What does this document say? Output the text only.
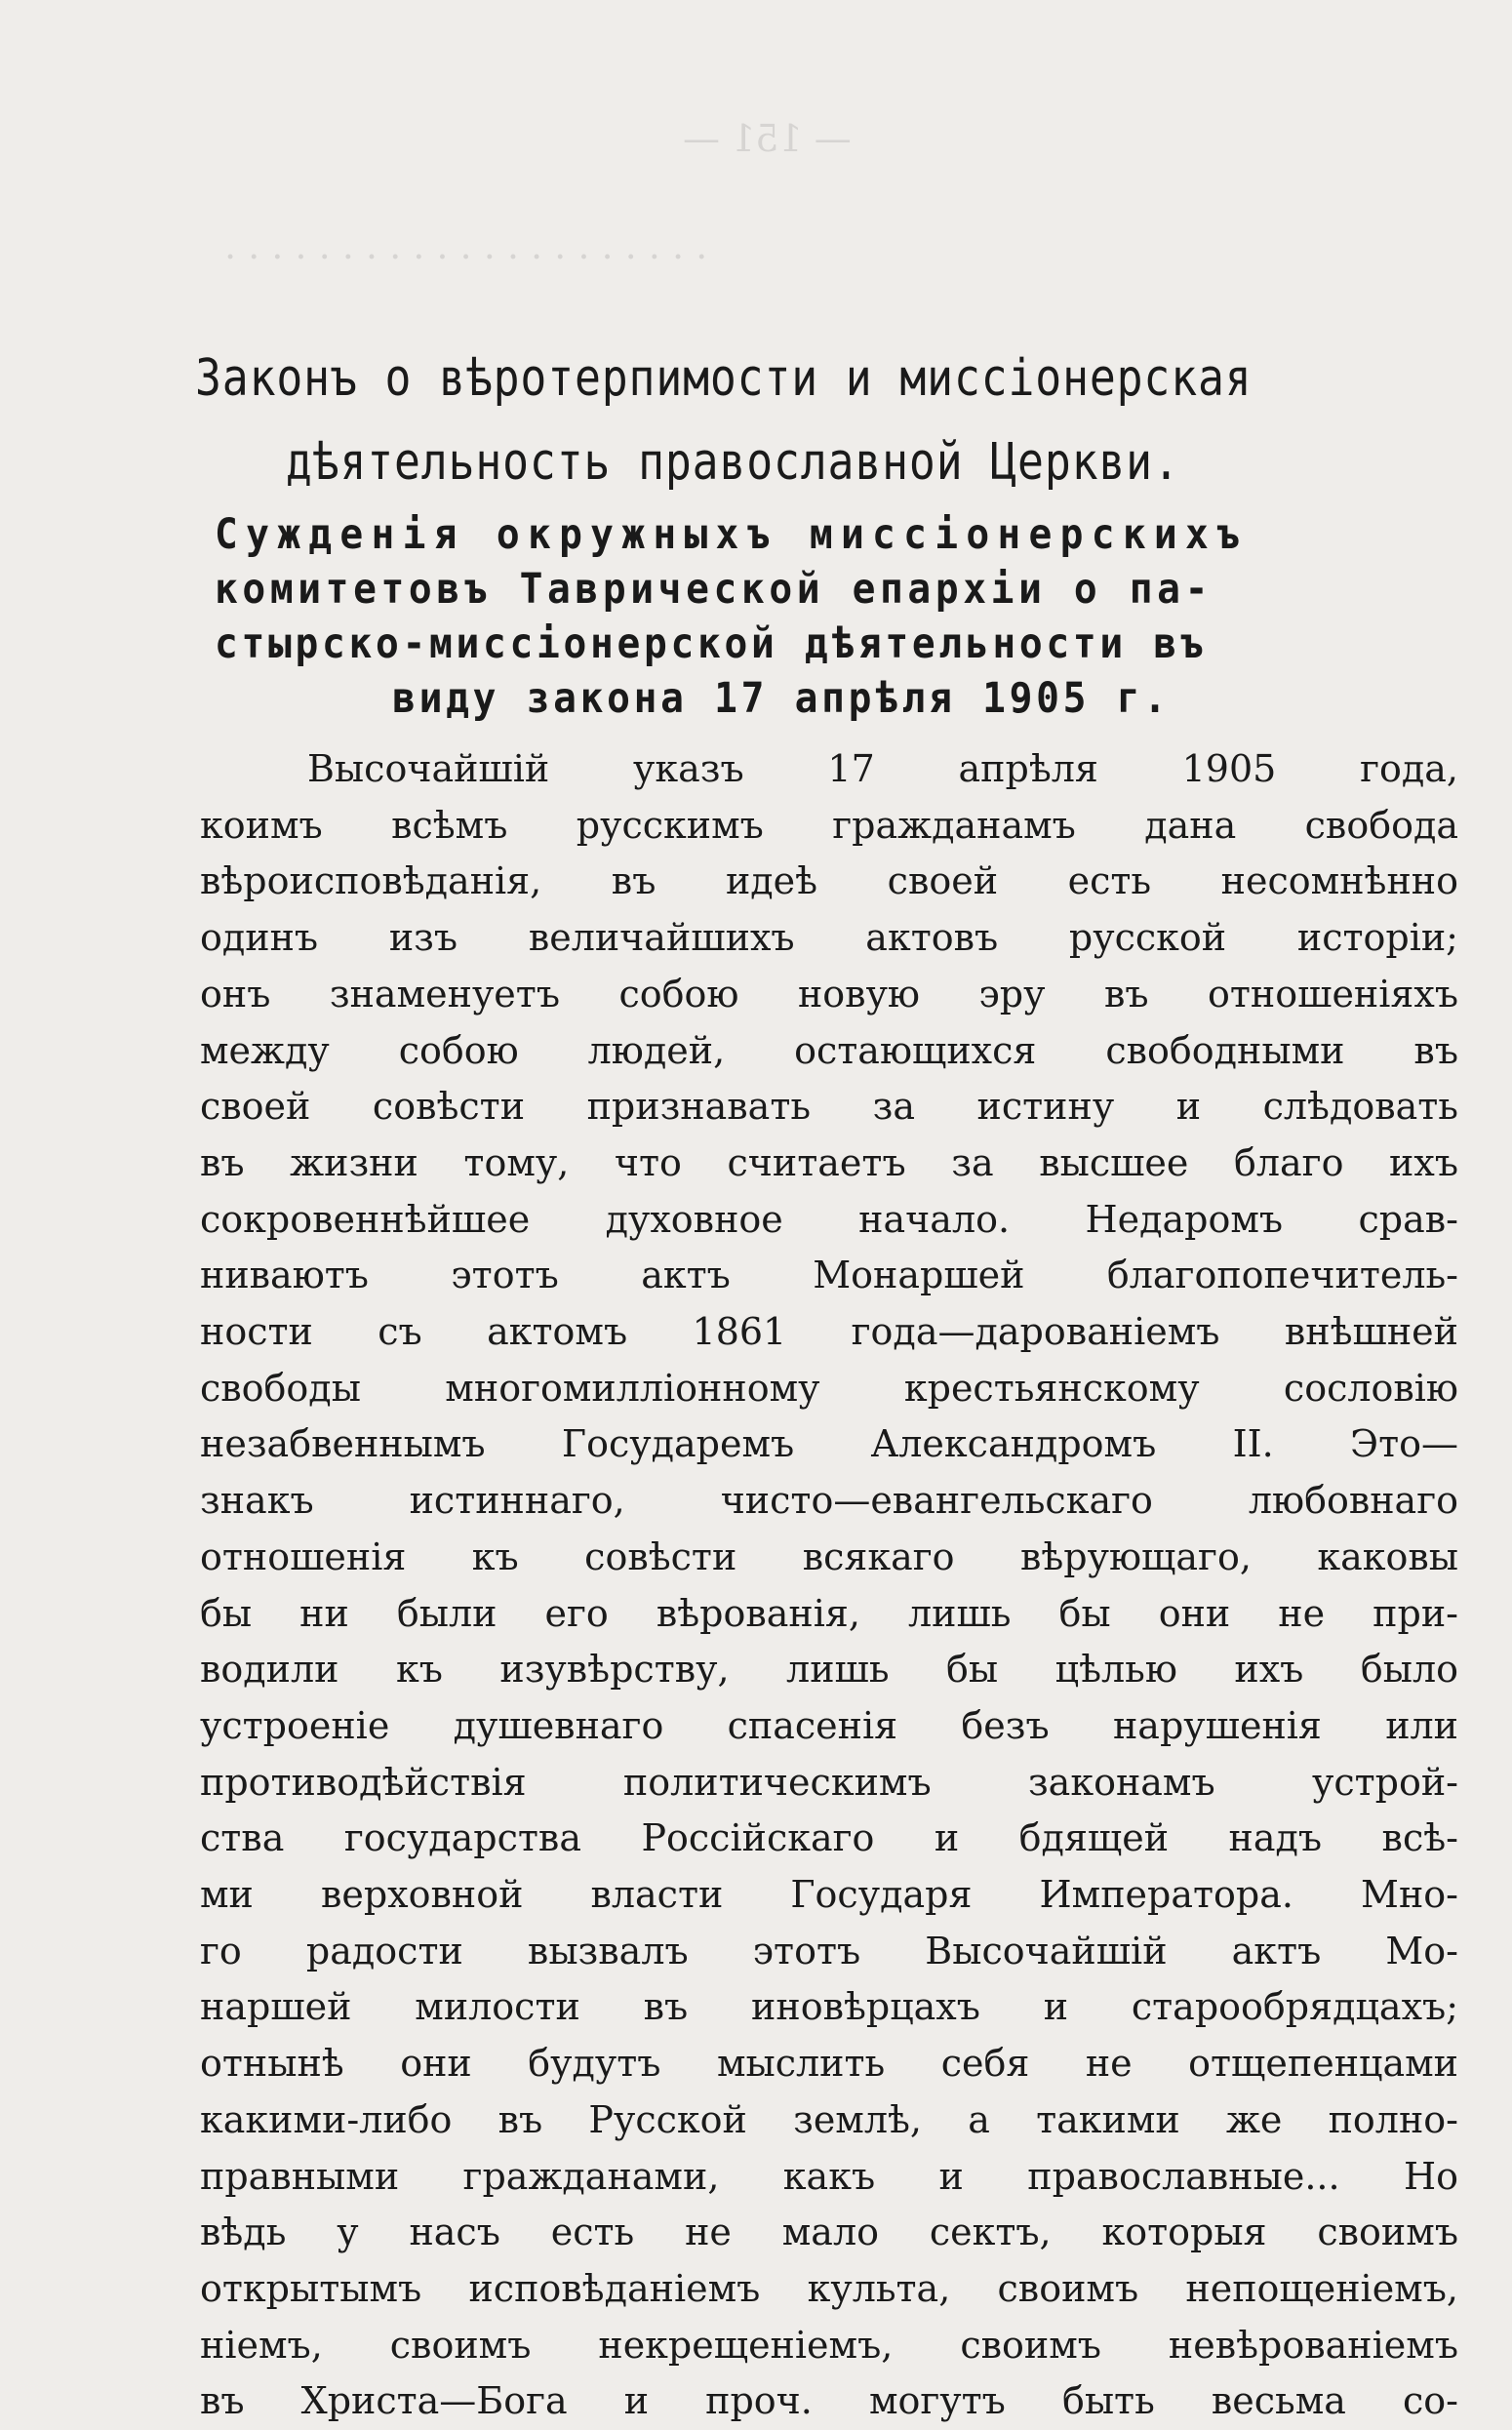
— 151 —
. . . . . . . . . . . . . . . . . . . . .
Законъ о вѣротерпимости и миссіонерская
дѣятельность православной Церкви.
Сужденія окружныхъ миссіонерскихъ
комитетовъ Таврической епархіи о па-
стырско-миссіонерской дѣятельности въ
виду закона 17 апрѣля 1905 г.
Высочайшій указъ 17 апрѣля 1905 года,
коимъ всѣмъ русскимъ гражданамъ дана свобода
вѣроисповѣданія, въ идеѣ своей есть несомнѣнно
одинъ изъ величайшихъ актовъ русской исторіи;
онъ знаменуетъ собою новую эру въ отношеніяхъ
между собою людей, остающихся свободными въ
своей совѣсти признавать за истину и слѣдовать
въ жизни тому, что считаетъ за высшее благо ихъ
сокровеннѣйшее духовное начало. Недаромъ срав-
ниваютъ этотъ актъ Монаршей благопопечитель-
ности съ актомъ 1861 года—дарованіемъ внѣшней
свободы многомилліонному крестьянскому сословію
незабвеннымъ Государемъ Александромъ II. Это—
знакъ истиннаго, чисто—евангельскаго любовнаго
отношенія къ совѣсти всякаго вѣрующаго, каковы
бы ни были его вѣрованія, лишь бы они не при-
водили къ изувѣрству, лишь бы цѣлью ихъ было
устроеніе душевнаго спасенія безъ нарушенія или
противодѣйствія политическимъ законамъ устрой-
ства государства Россійскаго и бдящей надъ всѣ-
ми верховной власти Государя Императора. Мно-
го радости вызвалъ этотъ Высочайшій актъ Мо-
наршей милости въ иновѣрцахъ и старообрядцахъ;
отнынѣ они будутъ мыслить себя не отщепенцами
какими-либо въ Русской землѣ, а такими же полно-
правными гражданами, какъ и православные... Но
вѣдь у насъ есть не мало сектъ, которыя своимъ
открытымъ исповѣданіемъ культа, своимъ непощенiемъ,
ніемъ, своимъ некрещеніемъ, своимъ невѣрованіемъ
въ Христа—Бога и проч. могутъ быть весьма со-
